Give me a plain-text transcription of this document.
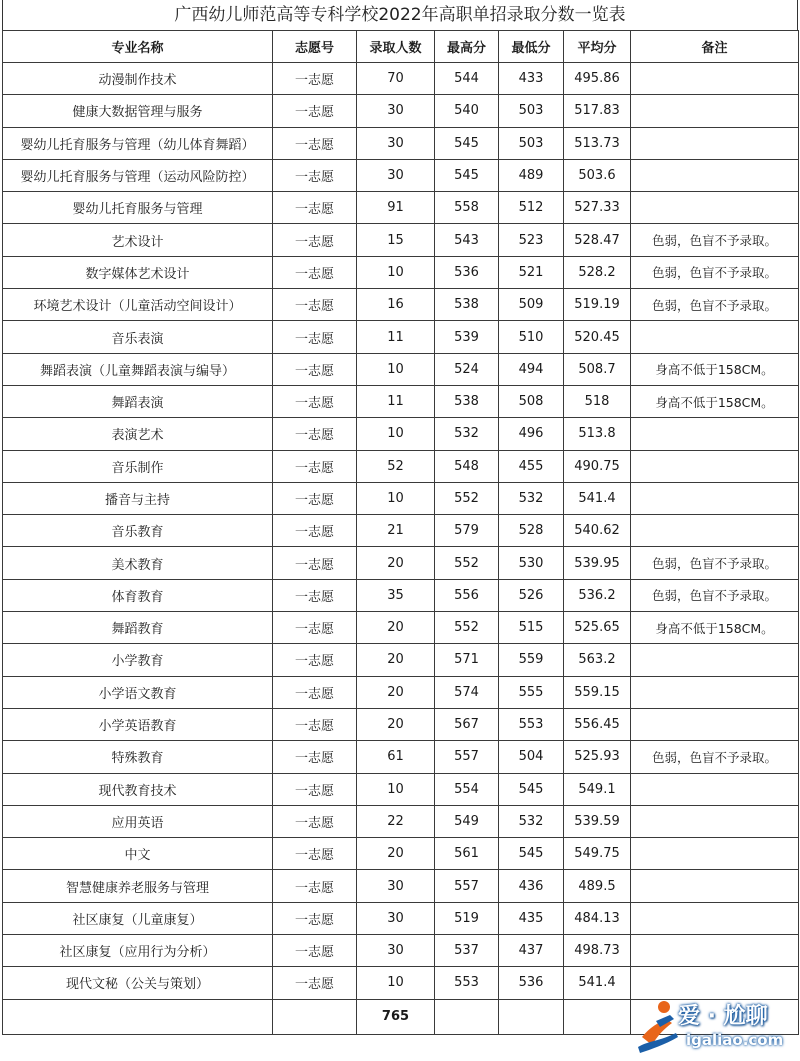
广西幼儿师范高等专科学校2022年高职单招录取分数一览表
专业名称	志愿号	录取人数	最高分	最低分	平均分	备注
动漫制作技术	一志愿	70	544	433	495.86	
健康大数据管理与服务	一志愿	30	540	503	517.83	
婴幼儿托育服务与管理（幼儿体育舞蹈）	一志愿	30	545	503	513.73	
婴幼儿托育服务与管理（运动风险防控）	一志愿	30	545	489	503.6	
婴幼儿托育服务与管理	一志愿	91	558	512	527.33	
艺术设计	一志愿	15	543	523	528.47	色弱，色盲不予录取。
数字媒体艺术设计	一志愿	10	536	521	528.2	色弱，色盲不予录取。
环境艺术设计（儿童活动空间设计）	一志愿	16	538	509	519.19	色弱，色盲不予录取。
音乐表演	一志愿	11	539	510	520.45	
舞蹈表演（儿童舞蹈表演与编导）	一志愿	10	524	494	508.7	身高不低于158CM。
舞蹈表演	一志愿	11	538	508	518	身高不低于158CM。
表演艺术	一志愿	10	532	496	513.8	
音乐制作	一志愿	52	548	455	490.75	
播音与主持	一志愿	10	552	532	541.4	
音乐教育	一志愿	21	579	528	540.62	
美术教育	一志愿	20	552	530	539.95	色弱，色盲不予录取。
体育教育	一志愿	35	556	526	536.2	色弱，色盲不予录取。
舞蹈教育	一志愿	20	552	515	525.65	身高不低于158CM。
小学教育	一志愿	20	571	559	563.2	
小学语文教育	一志愿	20	574	555	559.15	
小学英语教育	一志愿	20	567	553	556.45	
特殊教育	一志愿	61	557	504	525.93	色弱，色盲不予录取。
现代教育技术	一志愿	10	554	545	549.1	
应用英语	一志愿	22	549	532	539.59	
中文	一志愿	20	561	545	549.75	
智慧健康养老服务与管理	一志愿	30	557	436	489.5	
社区康复（儿童康复）	一志愿	30	519	435	484.13	
社区康复（应用行为分析）	一志愿	30	537	437	498.73	
现代文秘（公关与策划）	一志愿	10	553	536	541.4	
		765					爱 · 尬聊
igaliao.com
